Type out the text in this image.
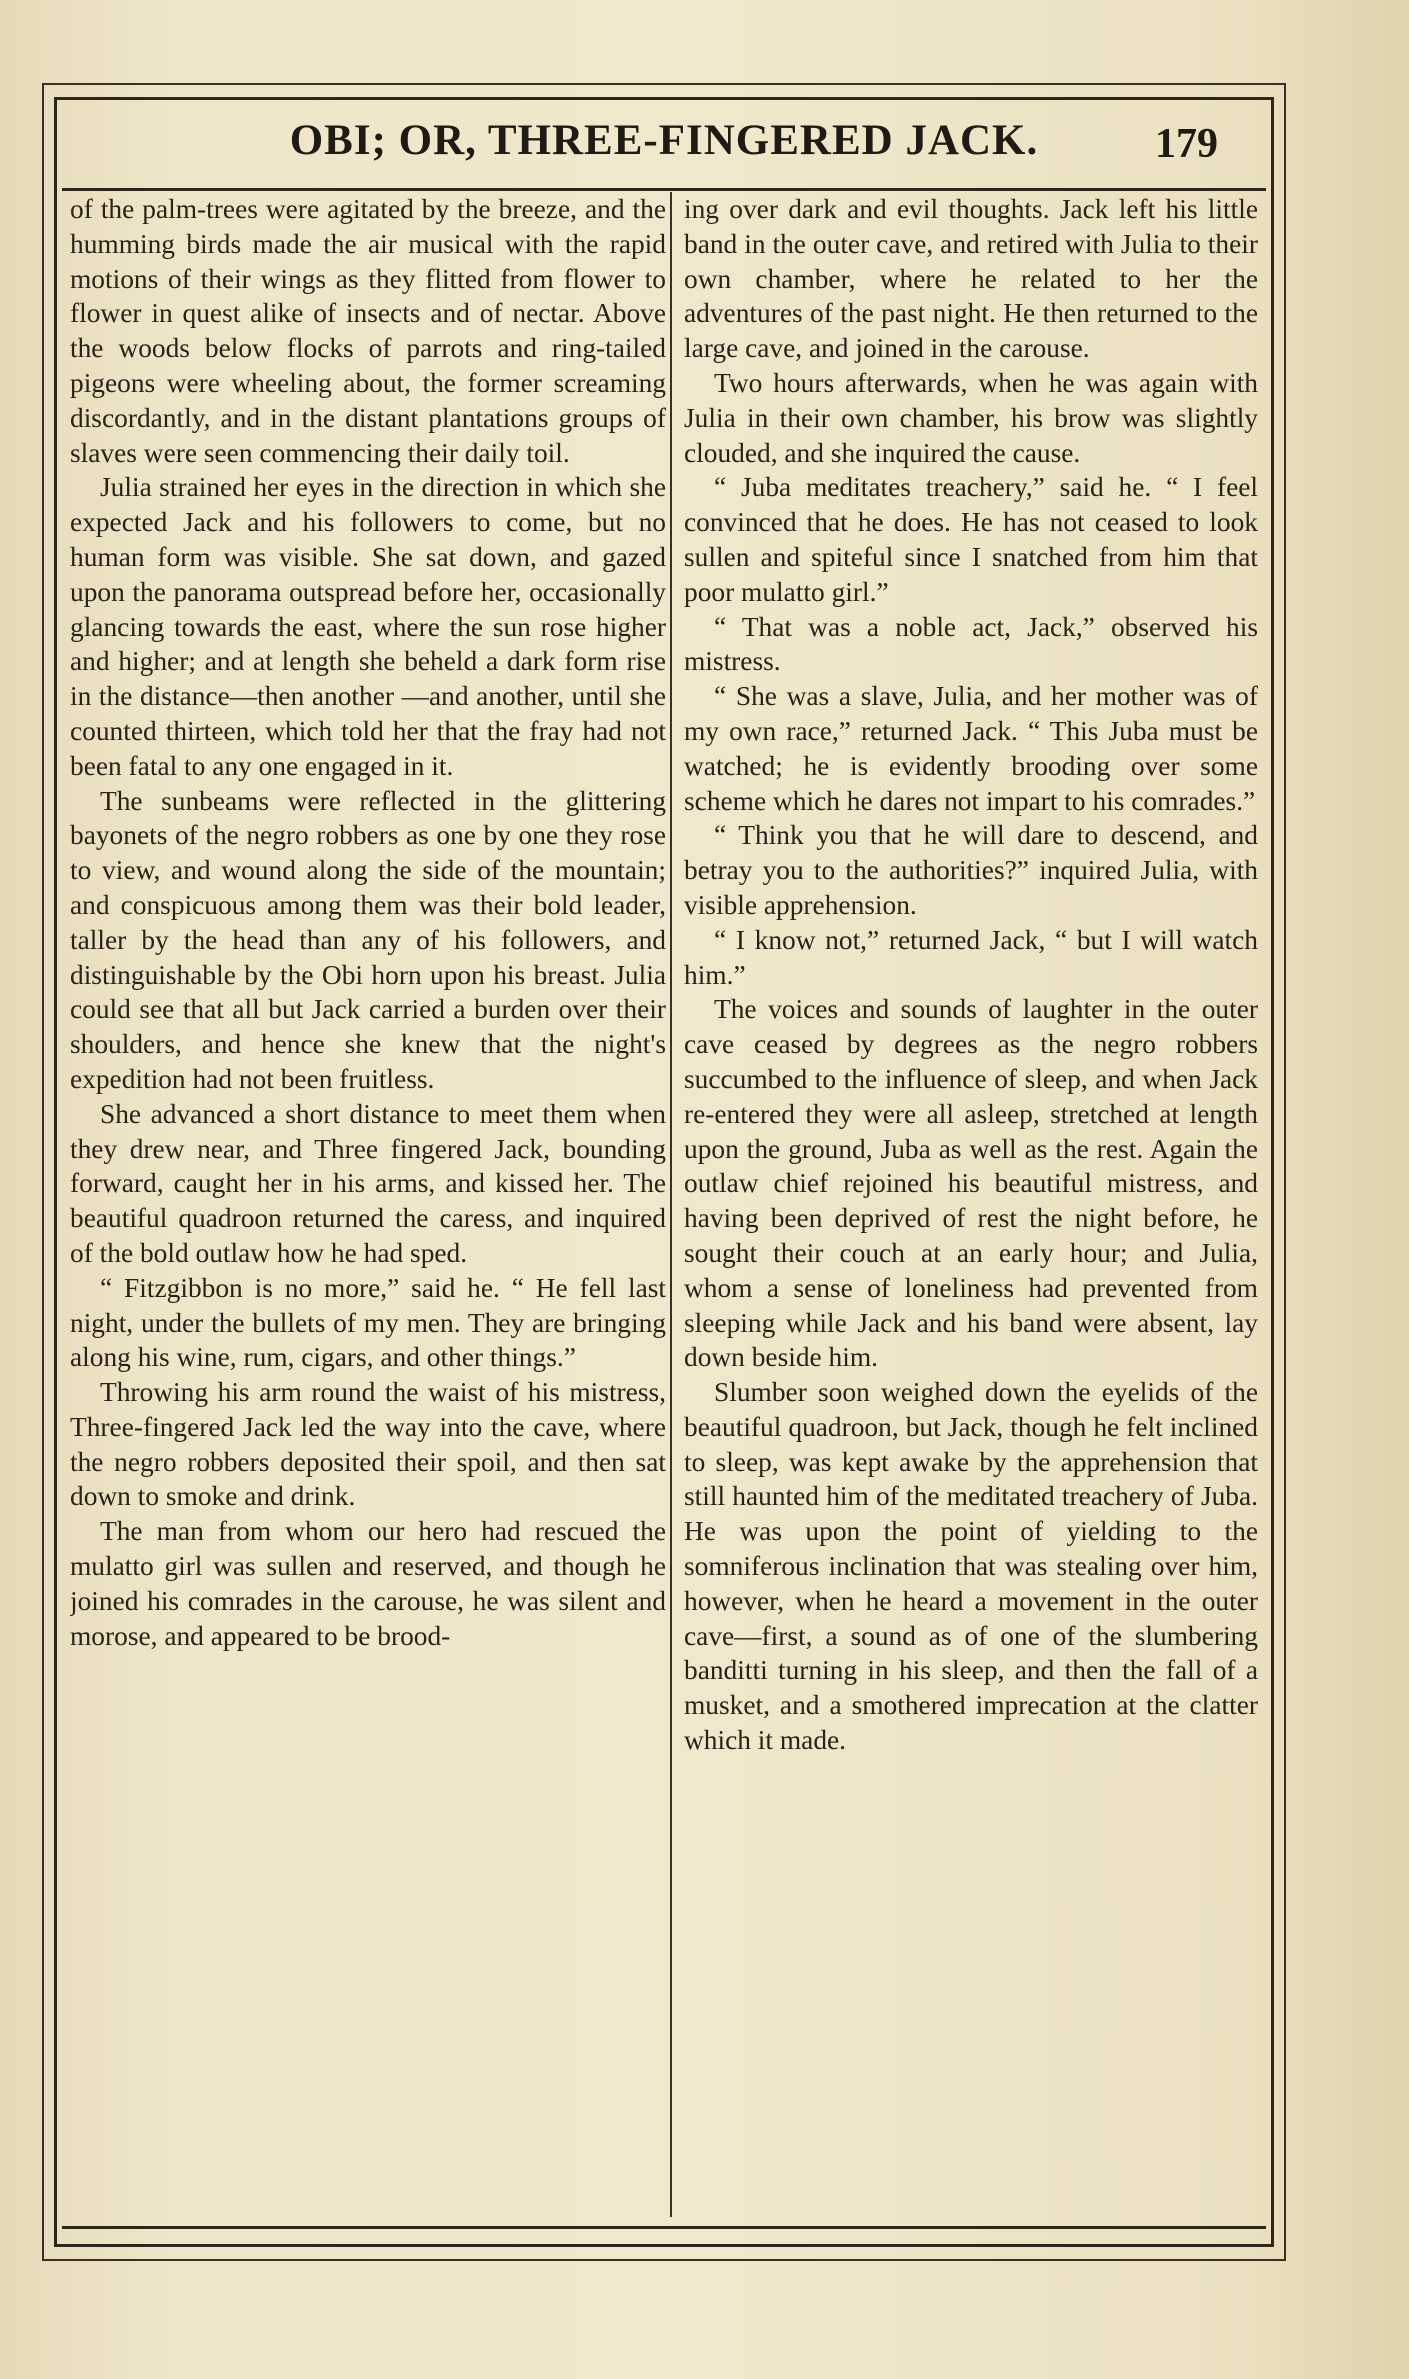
OBI; OR, THREE-FINGERED JACK.	179

of the palm-trees were agitated by the breeze, and the humming birds made the air musical with the rapid motions of their wings as they flitted from flower to flower in quest alike of insects and of nectar. Above the woods below flocks of parrots and ring-tailed pigeons were wheeling about, the former screaming discordantly, and in the distant plantations groups of slaves were seen commencing their daily toil.

Julia strained her eyes in the direction in which she expected Jack and his followers to come, but no human form was visible. She sat down, and gazed upon the panorama outspread before her, occasionally glancing towards the east, where the sun rose higher and higher; and at length she beheld a dark form rise in the distance—then another —and another, until she counted thirteen, which told her that the fray had not been fatal to any one engaged in it.

The sunbeams were reflected in the glittering bayonets of the negro robbers as one by one they rose to view, and wound along the side of the mountain; and conspicuous among them was their bold leader, taller by the head than any of his followers, and distinguishable by the Obi horn upon his breast. Julia could see that all but Jack carried a burden over their shoulders, and hence she knew that the night's expedition had not been fruitless.

She advanced a short distance to meet them when they drew near, and Three fingered Jack, bounding forward, caught her in his arms, and kissed her. The beautiful quadroon returned the caress, and inquired of the bold outlaw how he had sped.

“ Fitzgibbon is no more,” said he. “ He fell last night, under the bullets of my men. They are bringing along his wine, rum, cigars, and other things.”

Throwing his arm round the waist of his mistress, Three-fingered Jack led the way into the cave, where the negro robbers deposited their spoil, and then sat down to smoke and drink.

The man from whom our hero had rescued the mulatto girl was sullen and reserved, and though he joined his comrades in the carouse, he was silent and morose, and appeared to be brood-

ing over dark and evil thoughts. Jack left his little band in the outer cave, and retired with Julia to their own chamber, where he related to her the adventures of the past night. He then returned to the large cave, and joined in the carouse.

Two hours afterwards, when he was again with Julia in their own chamber, his brow was slightly clouded, and she inquired the cause.

“ Juba meditates treachery,” said he. “ I feel convinced that he does. He has not ceased to look sullen and spiteful since I snatched from him that poor mulatto girl.”

“ That was a noble act, Jack,” observed his mistress.

“ She was a slave, Julia, and her mother was of my own race,” returned Jack. “ This Juba must be watched; he is evidently brooding over some scheme which he dares not impart to his comrades.”

“ Think you that he will dare to descend, and betray you to the authorities?” inquired Julia, with visible apprehension.

“ I know not,” returned Jack, “ but I will watch him.”

The voices and sounds of laughter in the outer cave ceased by degrees as the negro robbers succumbed to the influence of sleep, and when Jack re-entered they were all asleep, stretched at length upon the ground, Juba as well as the rest. Again the outlaw chief rejoined his beautiful mistress, and having been deprived of rest the night before, he sought their couch at an early hour; and Julia, whom a sense of loneliness had prevented from sleeping while Jack and his band were absent, lay down beside him.

Slumber soon weighed down the eyelids of the beautiful quadroon, but Jack, though he felt inclined to sleep, was kept awake by the apprehension that still haunted him of the meditated treachery of Juba. He was upon the point of yielding to the somniferous inclination that was stealing over him, however, when he heard a movement in the outer cave—first, a sound as of one of the slumbering banditti turning in his sleep, and then the fall of a musket, and a smothered imprecation at the clatter which it made.
